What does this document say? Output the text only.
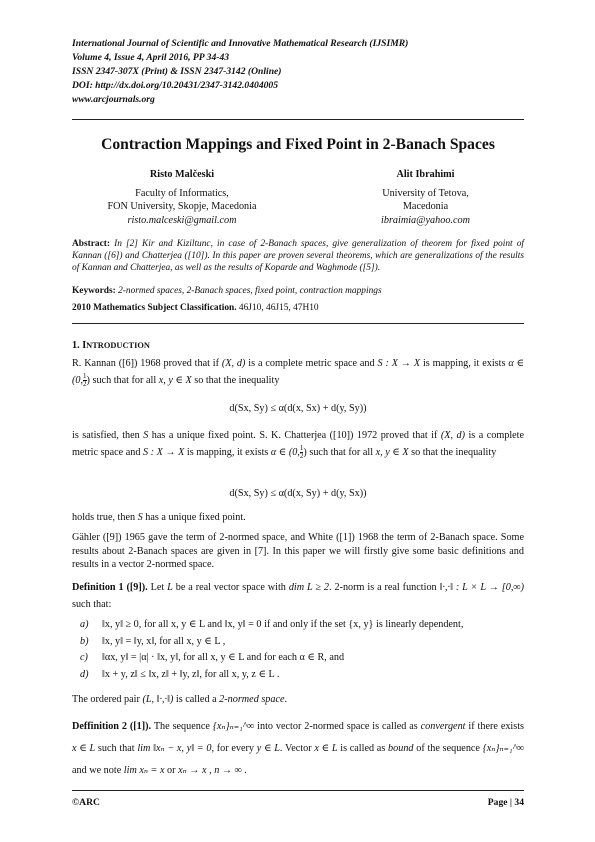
International Journal of Scientific and Innovative Mathematical Research (IJSIMR)
Volume 4, Issue 4, April 2016, PP 34-43
ISSN 2347-307X (Print) & ISSN 2347-3142 (Online)
DOI: http://dx.doi.org/10.20431/2347-3142.0404005
www.arcjournals.org
Contraction Mappings and Fixed Point in 2-Banach Spaces
Risto Malčeski
Faculty of Informatics,
FON University, Skopje, Macedonia
risto.malceski@gmail.com
Alit Ibrahimi
University of Tetova,
Macedonia
ibraimia@yahoo.com
Abstract: In [2] Kir and Kiziltunc, in case of 2-Banach spaces, give generalization of theorem for fixed point of Kannan ([6]) and Chatterjea ([10]). In this paper are proven several theorems, which are generalizations of the results of Kannan and Chatterjea, as well as the results of Koparde and Waghmode ([5]).
Keywords: 2-normed spaces, 2-Banach spaces, fixed point, contraction mappings
2010 Mathematics Subject Classification. 46J10, 46J15, 47H10
1. INTRODUCTION
R. Kannan ([6]) 1968 proved that if (X, d) is a complete metric space and S : X → X is mapping, it exists α ∈ (0, $\frac{1}{2}$ ) such that for all x, y ∈ X so that the inequality
d(Sx, Sy) ≤ α(d(x, Sx) + d(y, Sy))
is satisfied, then S has a unique fixed point. S. K. Chatterjea ([10]) 1972 proved that if (X, d) is a complete metric space and S : X → X is mapping, it exists α ∈ (0, $\frac{1}{2}$ ) such that for all x, y ∈ X so that the inequality
d(Sx, Sy) ≤ α(d(x, Sy) + d(y, Sx))
holds true, then S has a unique fixed point.
Gähler ([9]) 1965 gave the term of 2-normed space, and White ([1]) 1968 the term of 2-Banach space. Some results about 2-Banach spaces are given in [7]. In this paper we will firstly give some basic definitions and results in a vector 2-normed space.
Definition 1 ([9]). Let L be a real vector space with dim L ≥ 2. 2-norm is a real function ‖·,·‖ : L × L → [0,∞) such that:
a) ‖x, y‖ ≥ 0, for all x, y ∈ L and ‖x, y‖ = 0 if and only if the set {x, y} is linearly dependent,
b) ‖x, y‖ = ‖y, x‖, for all x, y ∈ L ,
c) ‖αx, y‖ = |α| · ‖x, y‖, for all x, y ∈ L and for each α ∈ R, and
d) ‖x + y, z‖ ≤ ‖x, z‖ + ‖y, z‖, for all x, y, z ∈ L .
The ordered pair (L, ‖·,·‖) is called a 2-normed space.
Deffinition 2 ([1]). The sequence {xₙ}ₙ₌₁^∞ into vector 2-normed space is called as convergent if there exists x ∈ L such that lim ‖xₙ − x, y‖ = 0, for every y ∈ L. Vector x ∈ L is called as bound of the sequence {xₙ}ₙ₌₁^∞ and we note lim xₙ = x or xₙ → x , n → ∞ .
©ARC	Page | 34
